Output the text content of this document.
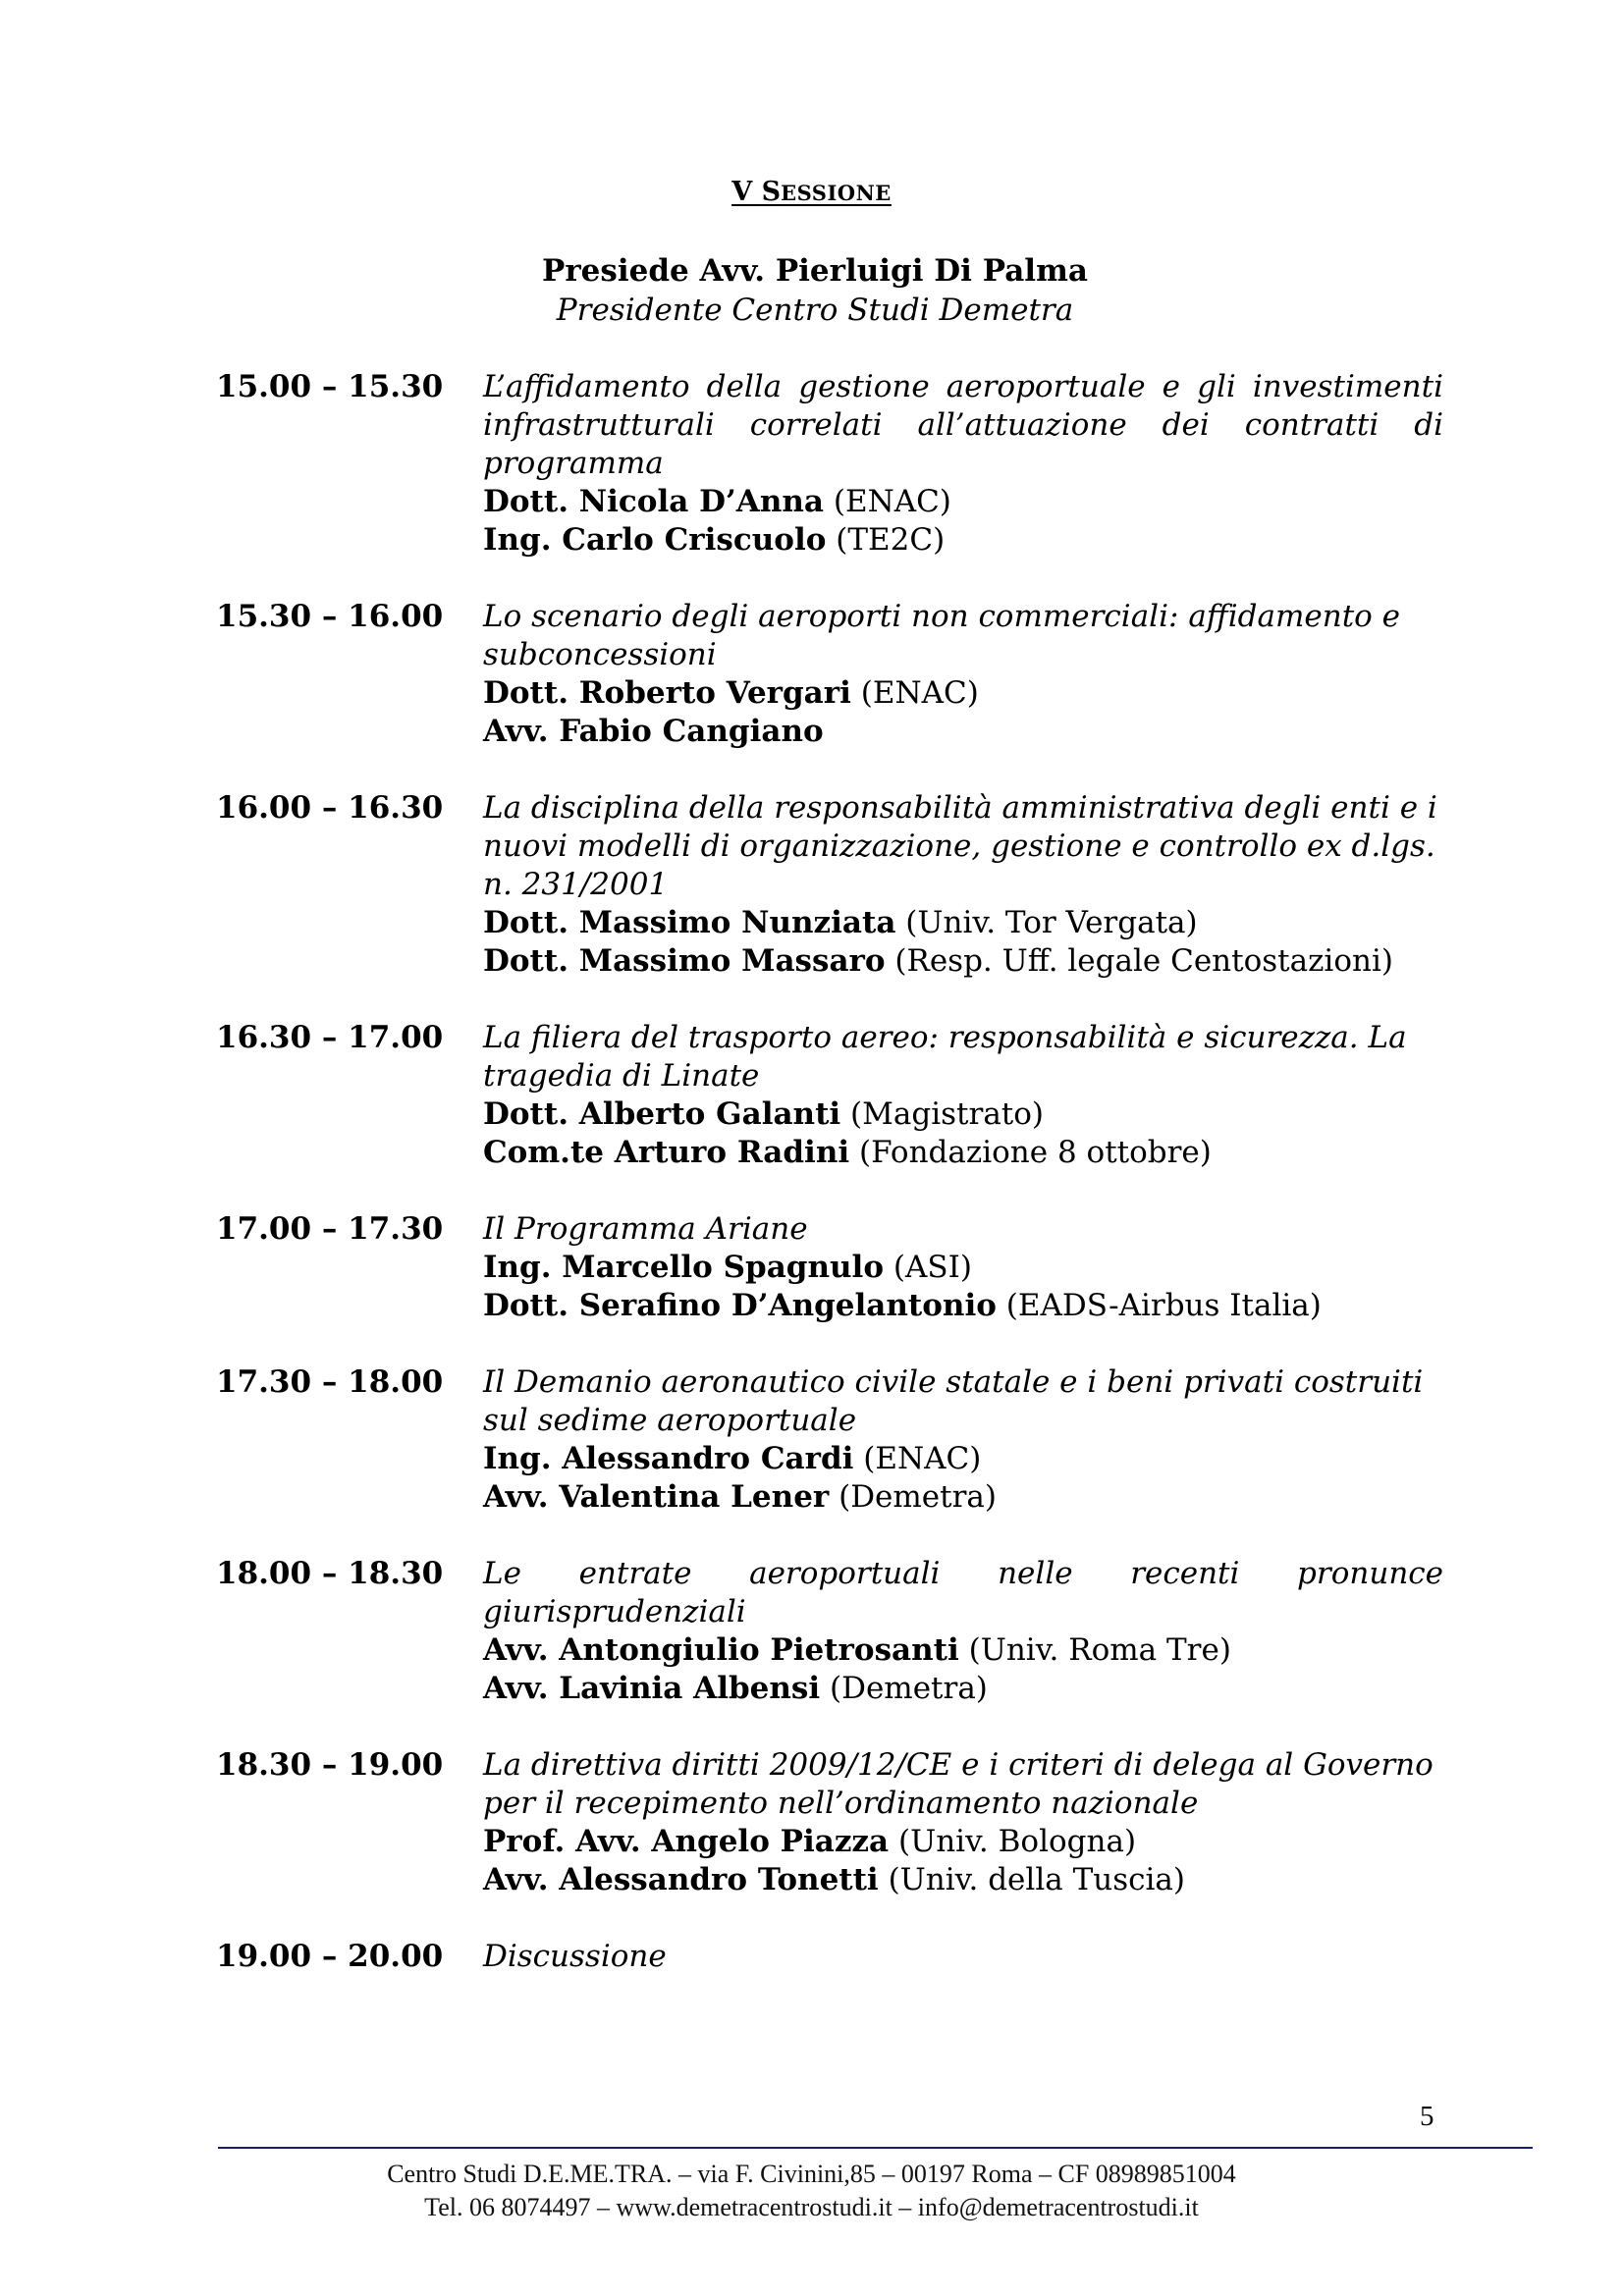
V SESSIONE
Presiede Avv. Pierluigi Di Palma
Presidente Centro Studi Demetra
15.00 – 15.30	L’affidamento della gestione aeroportuale e gli investimenti infrastrutturali correlati all’attuazione dei contratti di programma
Dott. Nicola D’Anna (ENAC)
Ing. Carlo Criscuolo (TE2C)
15.30 – 16.00	Lo scenario degli aeroporti non commerciali: affidamento e subconcessioni
Dott. Roberto Vergari (ENAC)
Avv. Fabio Cangiano
16.00 – 16.30	La disciplina della responsabilità amministrativa degli enti e i nuovi modelli di organizzazione, gestione e controllo ex d.lgs. n. 231/2001
Dott. Massimo Nunziata (Univ. Tor Vergata)
Dott. Massimo Massaro (Resp. Uff. legale Centostazioni)
16.30 – 17.00	La filiera del trasporto aereo: responsabilità e sicurezza. La tragedia di Linate
Dott. Alberto Galanti (Magistrato)
Com.te Arturo Radini (Fondazione 8 ottobre)
17.00 – 17.30	Il Programma Ariane
Ing. Marcello Spagnulo (ASI)
Dott. Serafino D’Angelantonio (EADS-Airbus Italia)
17.30 – 18.00	Il Demanio aeronautico civile statale e i beni privati costruiti sul sedime aeroportuale
Ing. Alessandro Cardi (ENAC)
Avv. Valentina Lener (Demetra)
18.00 – 18.30	Le entrate aeroportuali nelle recenti pronunce giurisprudenziali
Avv. Antongiulio Pietrosanti (Univ. Roma Tre)
Avv. Lavinia Albensi (Demetra)
18.30 – 19.00	La direttiva diritti 2009/12/CE e i criteri di delega al Governo per il recepimento nell’ordinamento nazionale
Prof. Avv. Angelo Piazza (Univ. Bologna)
Avv. Alessandro Tonetti (Univ. della Tuscia)
19.00 – 20.00	Discussione
5
Centro Studi D.E.ME.TRA. – via F. Civinini,85 – 00197 Roma – CF 08989851004
Tel. 06 8074497 – www.demetracentrostudi.it – info@demetracentrostudi.it
